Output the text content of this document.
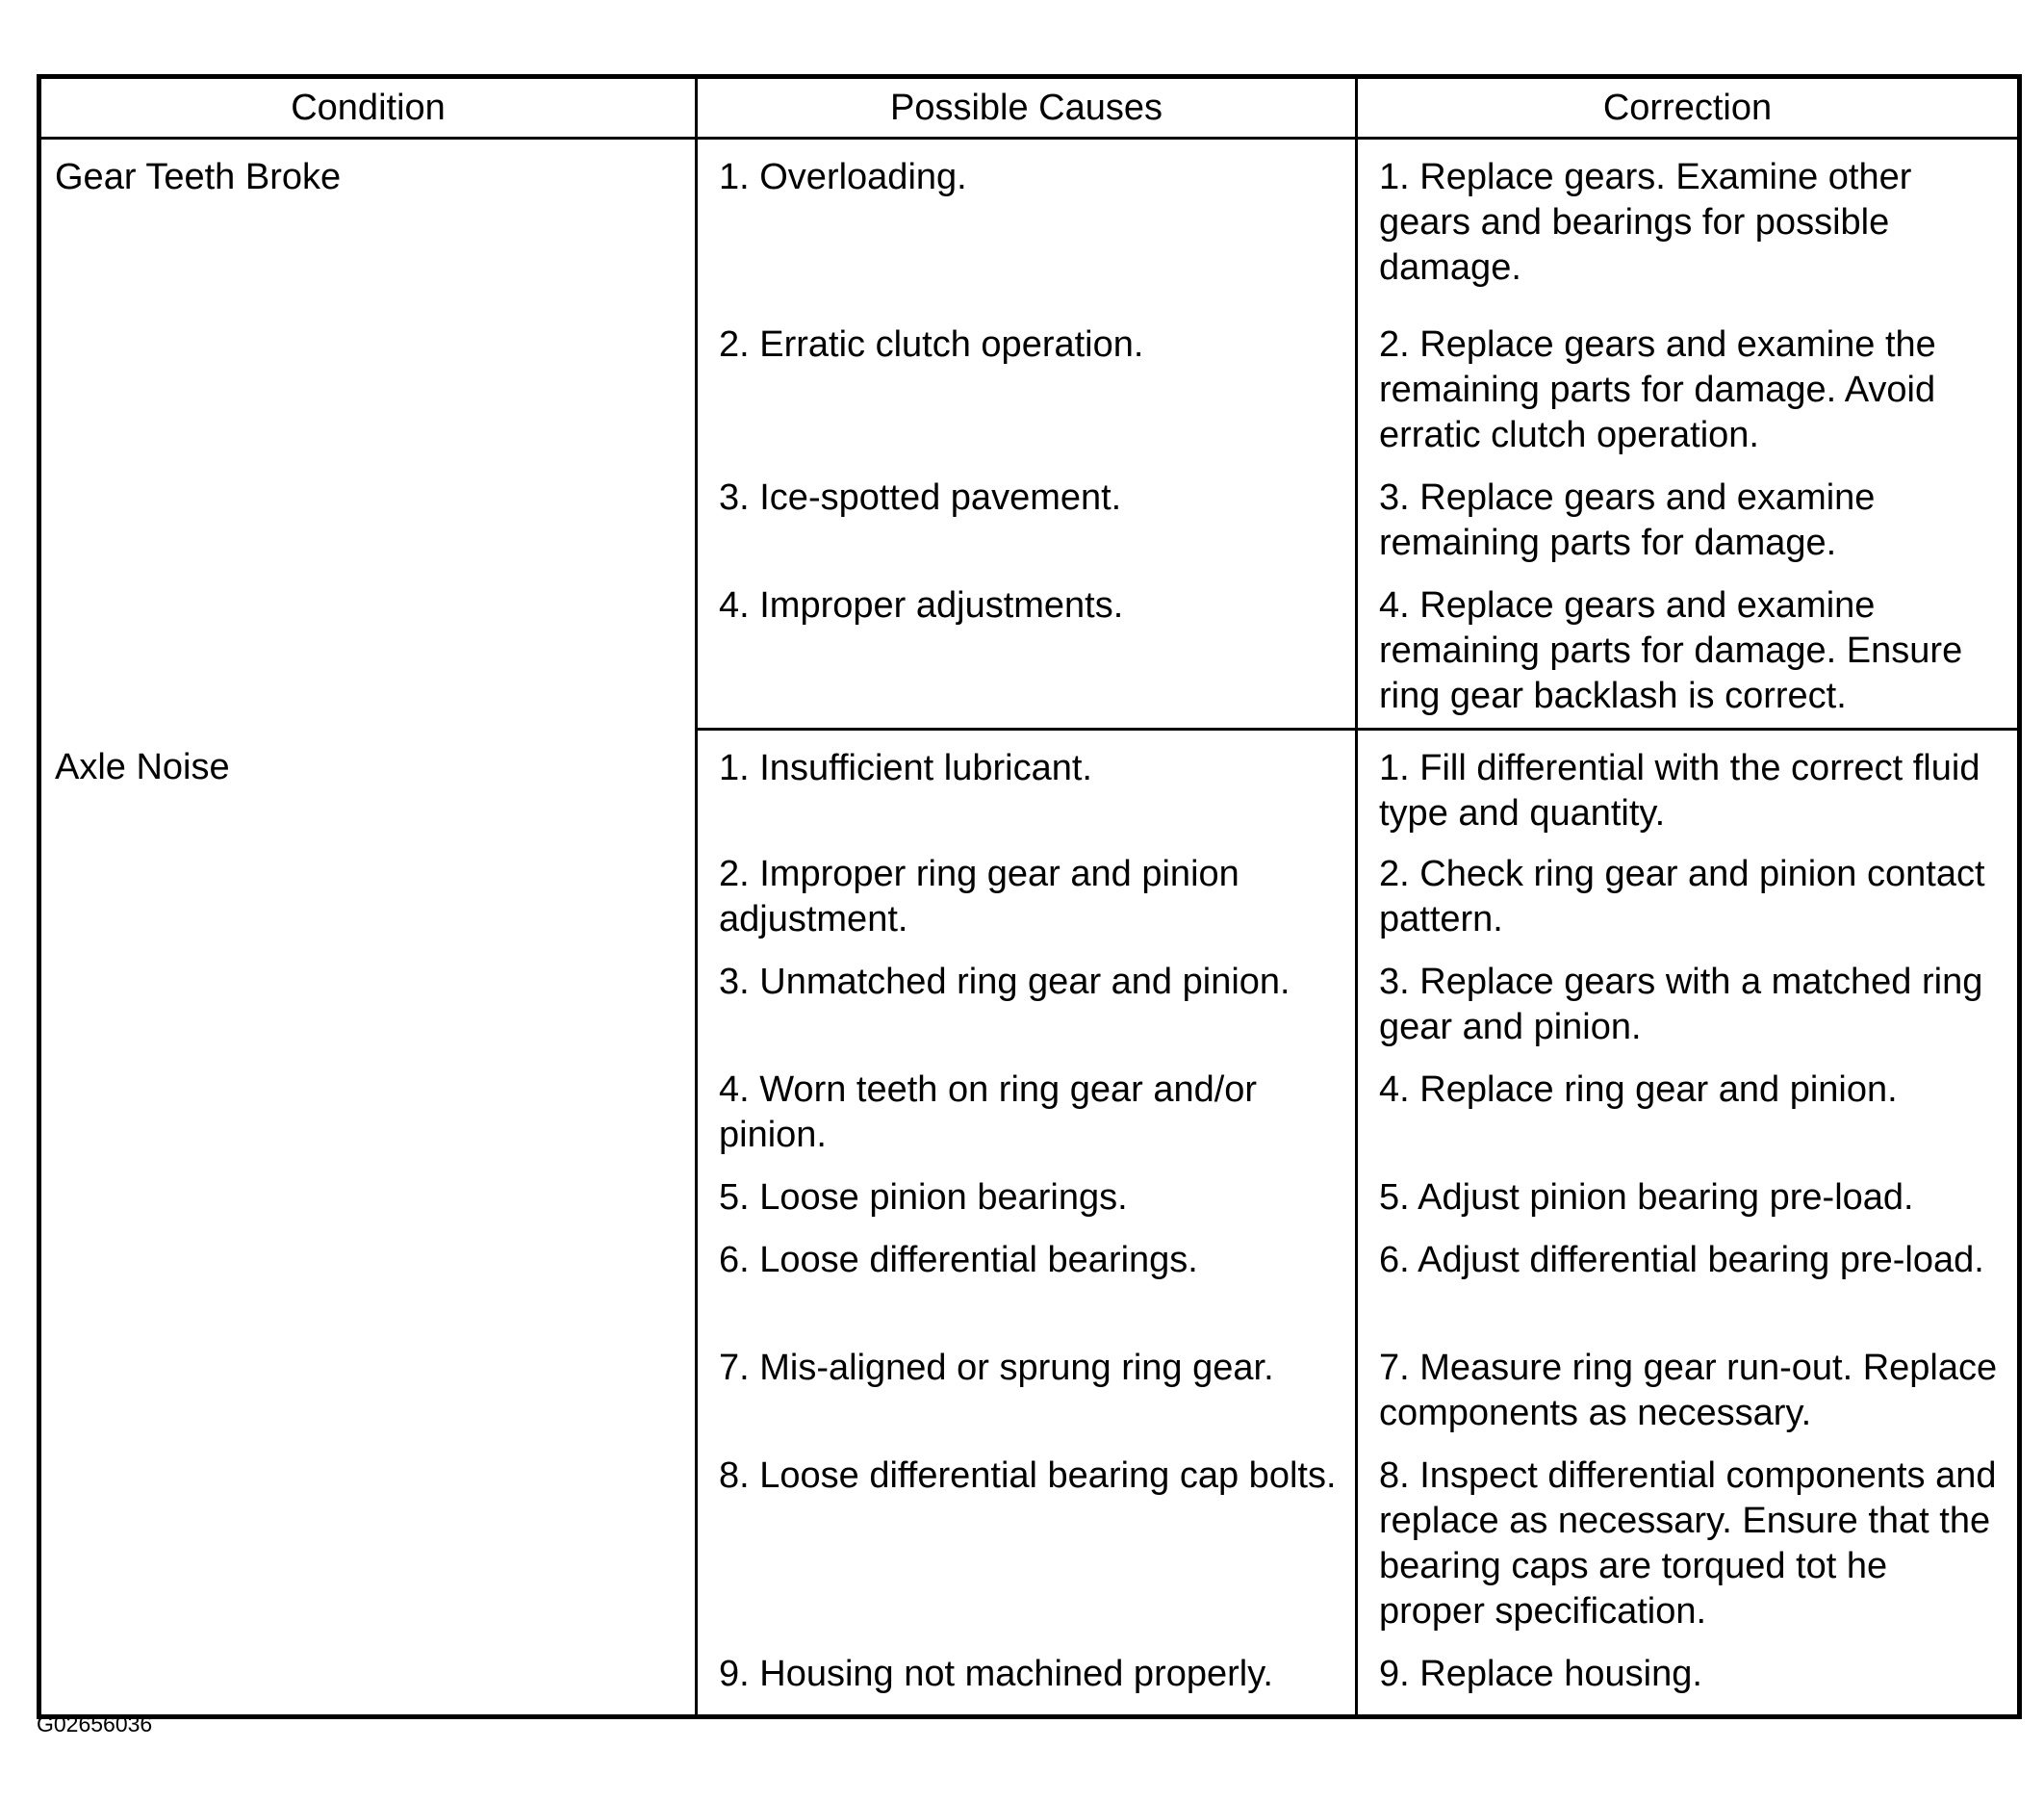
Condition	Possible Causes	Correction

Gear Teeth Broke	1. Overloading.	1. Replace gears. Examine other gears and bearings for possible damage.

	2. Erratic clutch operation.	2. Replace gears and examine the remaining parts for damage. Avoid erratic clutch operation.

	3. Ice-spotted pavement.	3. Replace gears and examine remaining parts for damage.

	4. Improper adjustments.	4. Replace gears and examine remaining parts for damage. Ensure ring gear backlash is correct.

Axle Noise	1. Insufficient lubricant.	1. Fill differential with the correct fluid type and quantity.

	2. Improper ring gear and pinion adjustment.	2. Check ring gear and pinion contact pattern.

	3. Unmatched ring gear and pinion.	3. Replace gears with a matched ring gear and pinion.

	4. Worn teeth on ring gear and/or pinion.	4. Replace ring gear and pinion.

	5. Loose pinion bearings.	5. Adjust pinion bearing pre-load.

	6. Loose differential bearings.	6. Adjust differential bearing pre-load.

	7. Mis-aligned or sprung ring gear.	7. Measure ring gear run-out. Replace components as necessary.

	8. Loose differential bearing cap bolts.	8. Inspect differential components and replace as necessary. Ensure that the bearing caps are torqued tot he proper specification.

	9. Housing not machined properly.	9. Replace housing.
G02656036
